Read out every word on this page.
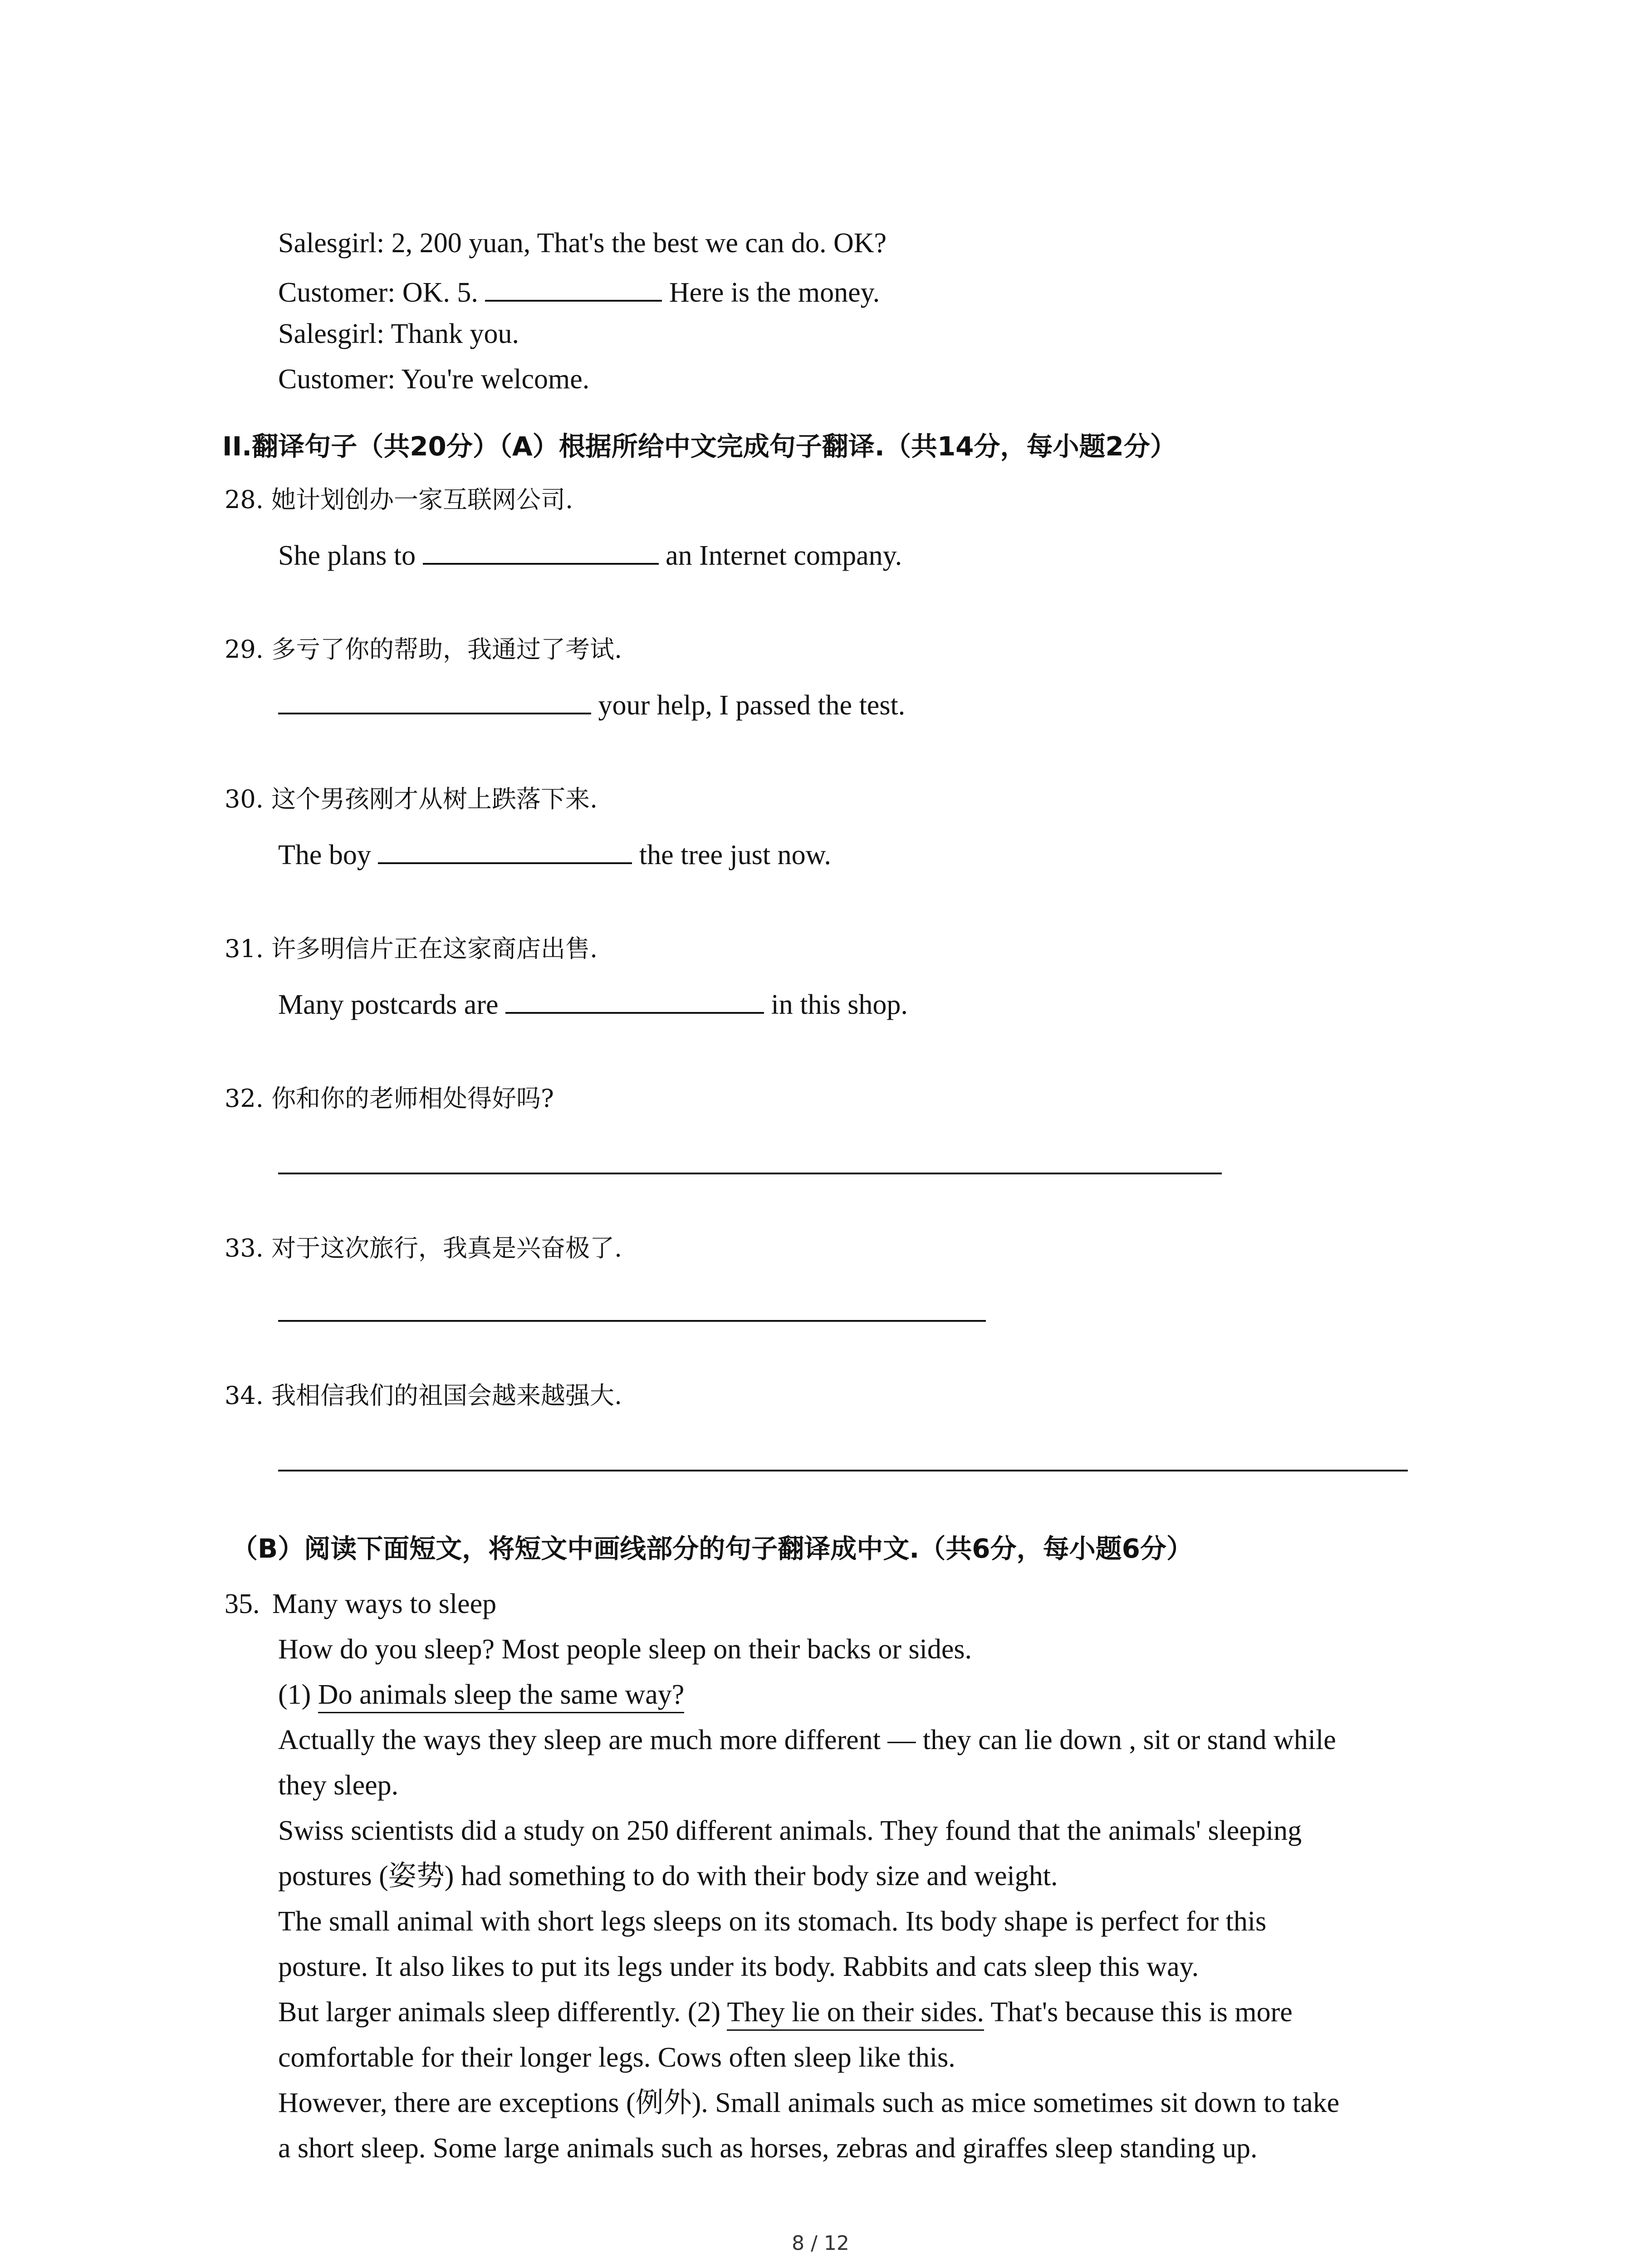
Salesgirl: 2, 200 yuan, That's the best we can do. OK?
Customer: OK. 5.	Here is the money.
Salesgirl: Thank you.
Customer: You're welcome.
II.翻译句子（共20分）（A）根据所给中文完成句子翻译.（共14分，每小题2分）
28. 她计划创办一家互联网公司.
She plans to	an Internet company.
29. 多亏了你的帮助，我通过了考试.
your help, I passed the test.
30. 这个男孩刚才从树上跌落下来.
The boy	the tree just now.
31. 许多明信片正在这家商店出售.
Many postcards are	in this shop.
32. 你和你的老师相处得好吗?
33. 对于这次旅行，我真是兴奋极了.
34. 我相信我们的祖国会越来越强大.
（B）阅读下面短文，将短文中画线部分的句子翻译成中文.（共6分，每小题6分）
35. Many ways to sleep
How do you sleep? Most people sleep on their backs or sides.
(1) Do animals sleep the same way?
Actually the ways they sleep are much more different — they can lie down , sit or stand while
they sleep.
Swiss scientists did a study on 250 different animals. They found that the animals' sleeping
postures (姿势) had something to do with their body size and weight.
The small animal with short legs sleeps on its stomach. Its body shape is perfect for this
posture. It also likes to put its legs under its body. Rabbits and cats sleep this way.
But larger animals sleep differently. (2) They lie on their sides. That's because this is more
comfortable for their longer legs. Cows often sleep like this.
However, there are exceptions (例外). Small animals such as mice sometimes sit down to take
a short sleep. Some large animals such as horses, zebras and giraffes sleep standing up.
8 / 12
